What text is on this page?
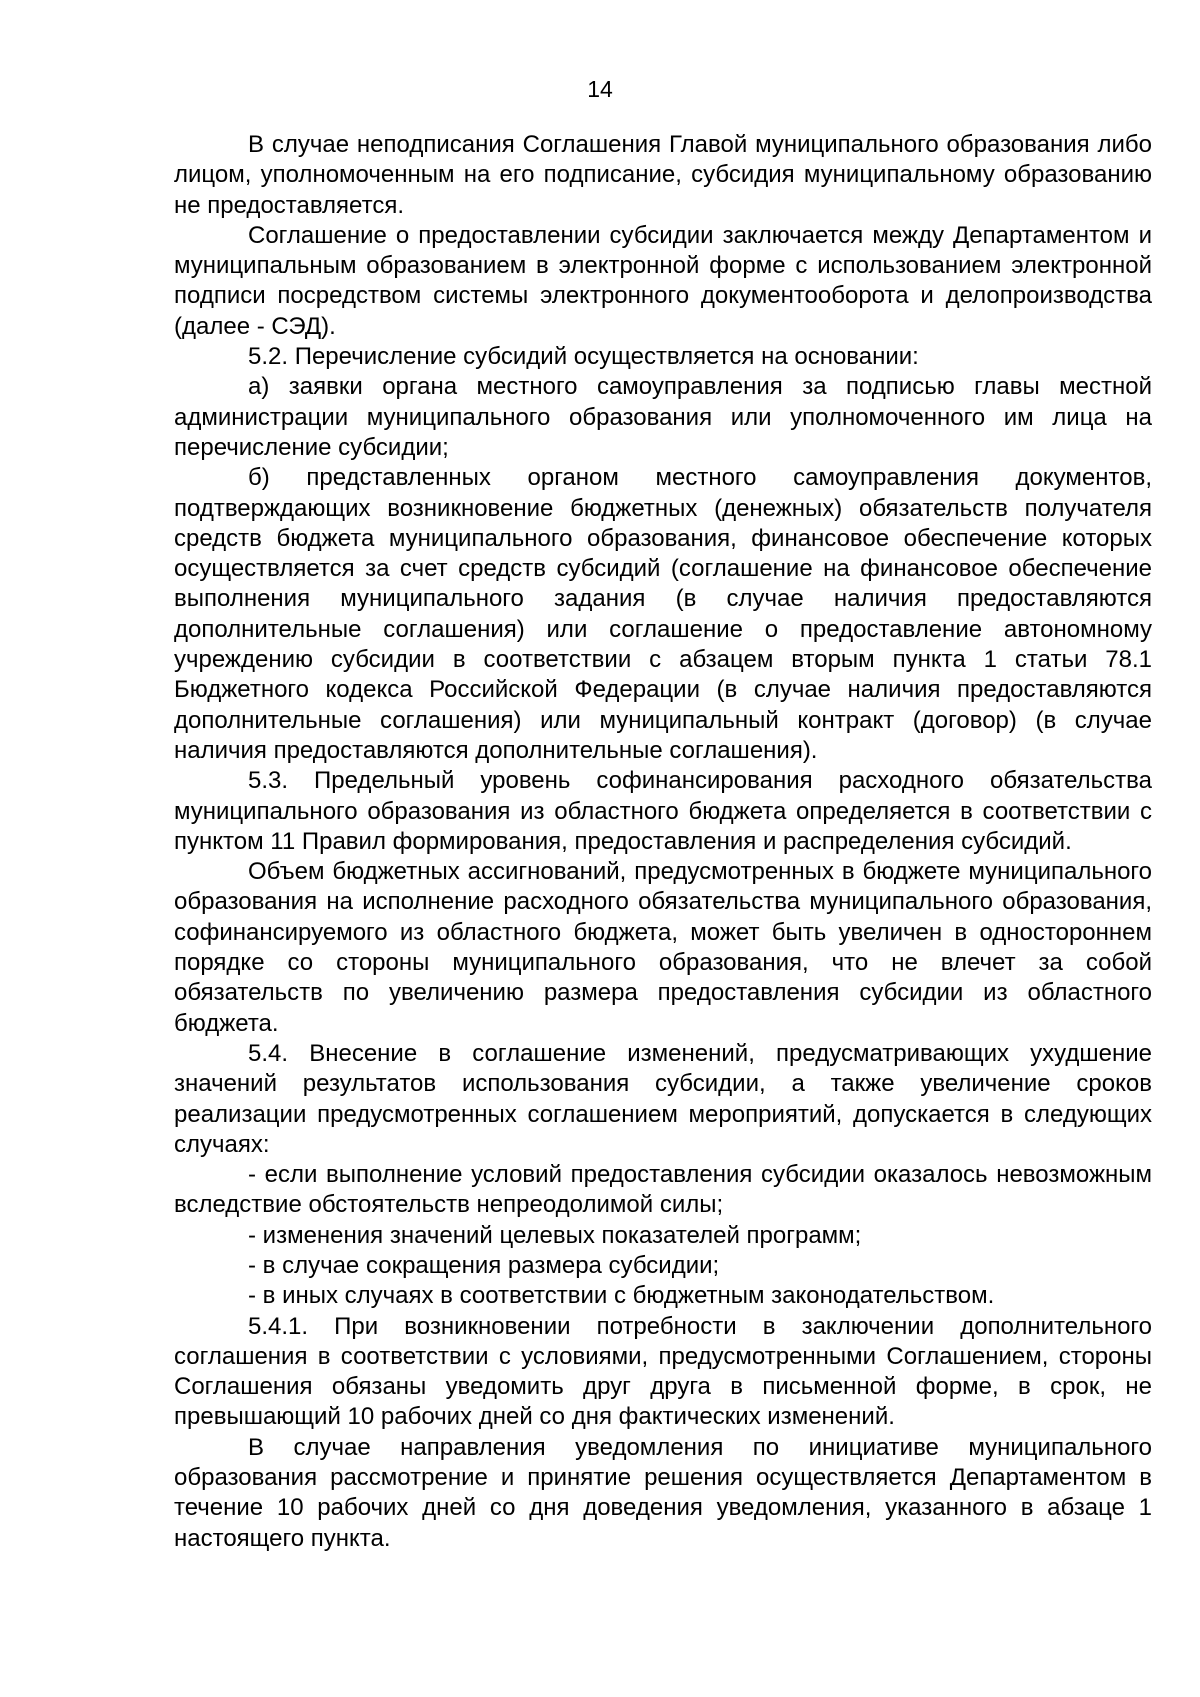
14

В случае неподписания Соглашения Главой муниципального образования либо лицом, уполномоченным на его подписание, субсидия муниципальному образованию не предоставляется.

Соглашение о предоставлении субсидии заключается между Департаментом и муниципальным образованием в электронной форме с использованием электронной подписи посредством системы электронного документооборота и делопроизводства (далее - СЭД).

5.2. Перечисление субсидий осуществляется на основании:

а) заявки органа местного самоуправления за подписью главы местной администрации муниципального образования или уполномоченного им лица на перечисление субсидии;

б) представленных органом местного самоуправления документов, подтверждающих возникновение бюджетных (денежных) обязательств получателя средств бюджета муниципального образования, финансовое обеспечение которых осуществляется за счет средств субсидий (соглашение на финансовое обеспечение выполнения муниципального задания (в случае наличия предоставляются дополнительные соглашения) или соглашение о предоставление автономному учреждению субсидии в соответствии с абзацем вторым пункта 1 статьи 78.1 Бюджетного кодекса Российской Федерации (в случае наличия предоставляются дополнительные соглашения) или муниципальный контракт (договор) (в случае наличия предоставляются дополнительные соглашения).

5.3. Предельный уровень софинансирования расходного обязательства муниципального образования из областного бюджета определяется в соответствии с пунктом 11 Правил формирования, предоставления и распределения субсидий.

Объем бюджетных ассигнований, предусмотренных в бюджете муниципального образования на исполнение расходного обязательства муниципального образования, софинансируемого из областного бюджета, может быть увеличен в одностороннем порядке со стороны муниципального образования, что не влечет за собой обязательств по увеличению размера предоставления субсидии из областного бюджета.

5.4. Внесение в соглашение изменений, предусматривающих ухудшение значений результатов использования субсидии, а также увеличение сроков реализации предусмотренных соглашением мероприятий, допускается в следующих случаях:

- если выполнение условий предоставления субсидии оказалось невозможным вследствие обстоятельств непреодолимой силы;

- изменения значений целевых показателей программ;

- в случае сокращения размера субсидии;

- в иных случаях в соответствии с бюджетным законодательством.

5.4.1. При возникновении потребности в заключении дополнительного соглашения в соответствии с условиями, предусмотренными Соглашением, стороны Соглашения обязаны уведомить друг друга в письменной форме, в срок, не превышающий 10 рабочих дней со дня фактических изменений.

В случае направления уведомления по инициативе муниципального образования рассмотрение и принятие решения осуществляется Департаментом в течение 10 рабочих дней со дня доведения уведомления, указанного в абзаце 1 настоящего пункта.
